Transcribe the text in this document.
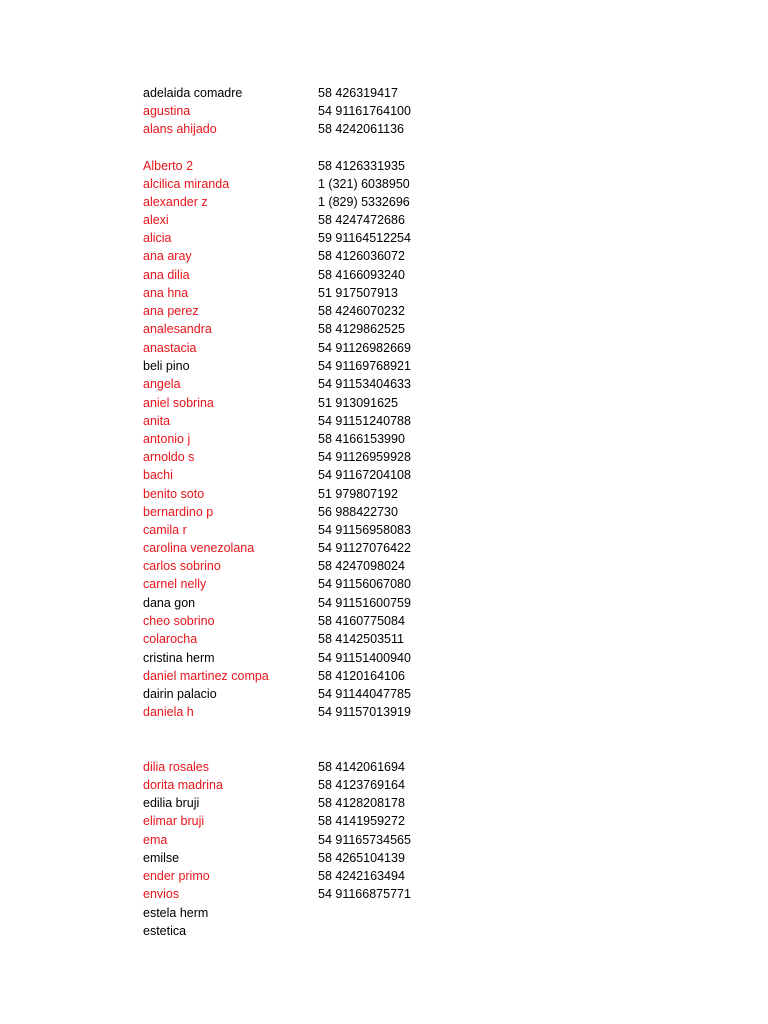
adelaida comadre	58 426319417
agustina	54 91161764100
alans ahijado	58 4242061136
Alberto 2	58 4126331935
alcilica miranda	1 (321) 6038950
alexander z	1 (829) 5332696
alexi	58 4247472686
alicia	59 91164512254
ana aray	58 4126036072
ana dilia	58 4166093240
ana hna	51 917507913
ana perez	58 4246070232
analesandra	58 4129862525
anastacia	54 91126982669
beli pino	54 91169768921
angela	54 91153404633
aniel sobrina	51 913091625
anita	54 91151240788
antonio j	58 4166153990
arnoldo s	54 91126959928
bachi	54 91167204108
benito soto	51 979807192
bernardino p	56 988422730
camila r	54 91156958083
carolina venezolana	54 91127076422
carlos sobrino	58 4247098024
carnel nelly	54 91156067080
dana gon	54 91151600759
cheo sobrino	58 4160775084
colarocha	58 4142503511
cristina herm	54 91151400940
daniel martinez compa	58 4120164106
dairin palacio	54 91144047785
daniela h	54 91157013919
dilia rosales	58 4142061694
dorita madrina	58 4123769164
edilia bruji	58 4128208178
elimar bruji	58 4141959272
ema	54 91165734565
emilse	58 4265104139
ender primo	58 4242163494
envios	54 91166875771
estela herm
estetica
